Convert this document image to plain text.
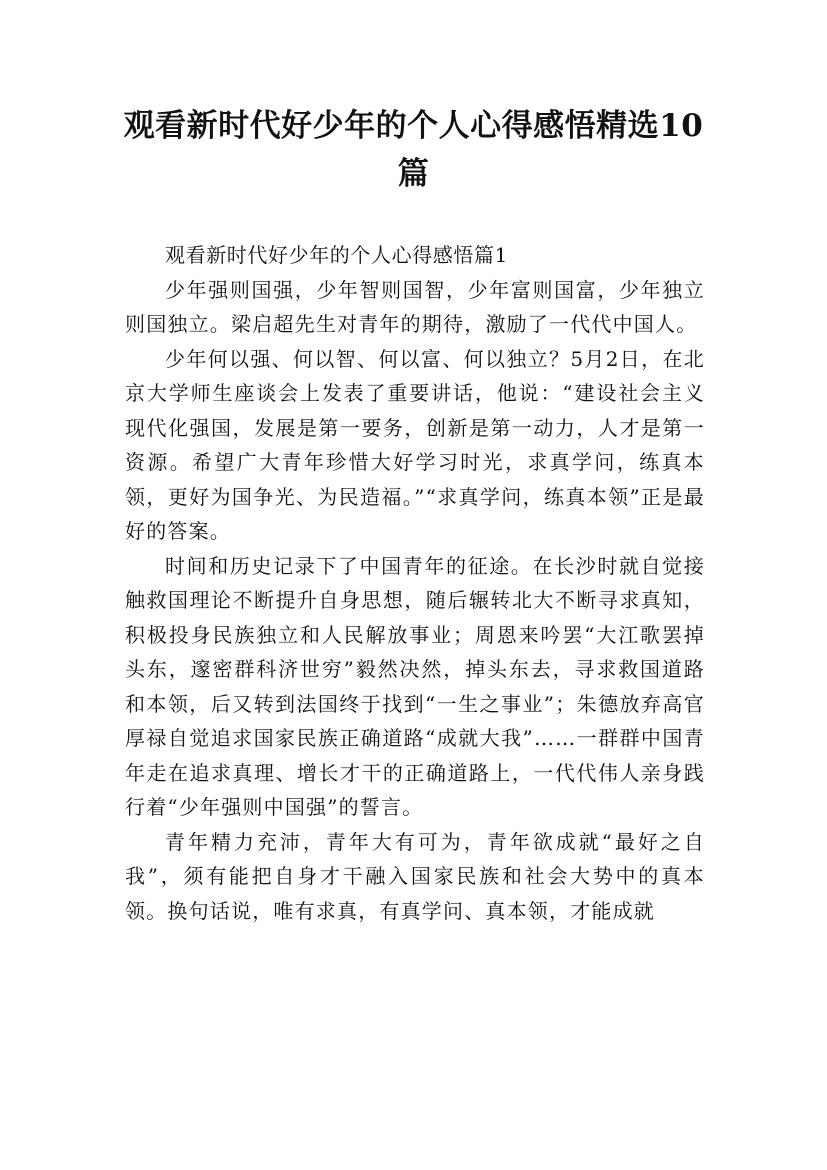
观看新时代好少年的个人心得感悟精选10篇

观看新时代好少年的个人心得感悟篇1

少年强则国强，少年智则国智，少年富则国富，少年独立则国独立。梁启超先生对青年的期待，激励了一代代中国人。

少年何以强、何以智、何以富、何以独立？5月2日，在北京大学师生座谈会上发表了重要讲话，他说：“建设社会主义现代化强国，发展是第一要务，创新是第一动力，人才是第一资源。希望广大青年珍惜大好学习时光，求真学问，练真本领，更好为国争光、为民造福。”“求真学问，练真本领”正是最好的答案。

时间和历史记录下了中国青年的征途。在长沙时就自觉接触救国理论不断提升自身思想，随后辗转北大不断寻求真知，积极投身民族独立和人民解放事业；周恩来吟罢“大江歌罢掉头东，邃密群科济世穷”毅然决然，掉头东去，寻求救国道路和本领，后又转到法国终于找到“一生之事业”；朱德放弃高官厚禄自觉追求国家民族正确道路“成就大我”……一群群中国青年走在追求真理、增长才干的正确道路上，一代代伟人亲身践行着“少年强则中国强”的誓言。

青年精力充沛，青年大有可为，青年欲成就“最好之自我”，须有能把自身才干融入国家民族和社会大势中的真本领。换句话说，唯有求真，有真学问、真本领，才能成就
